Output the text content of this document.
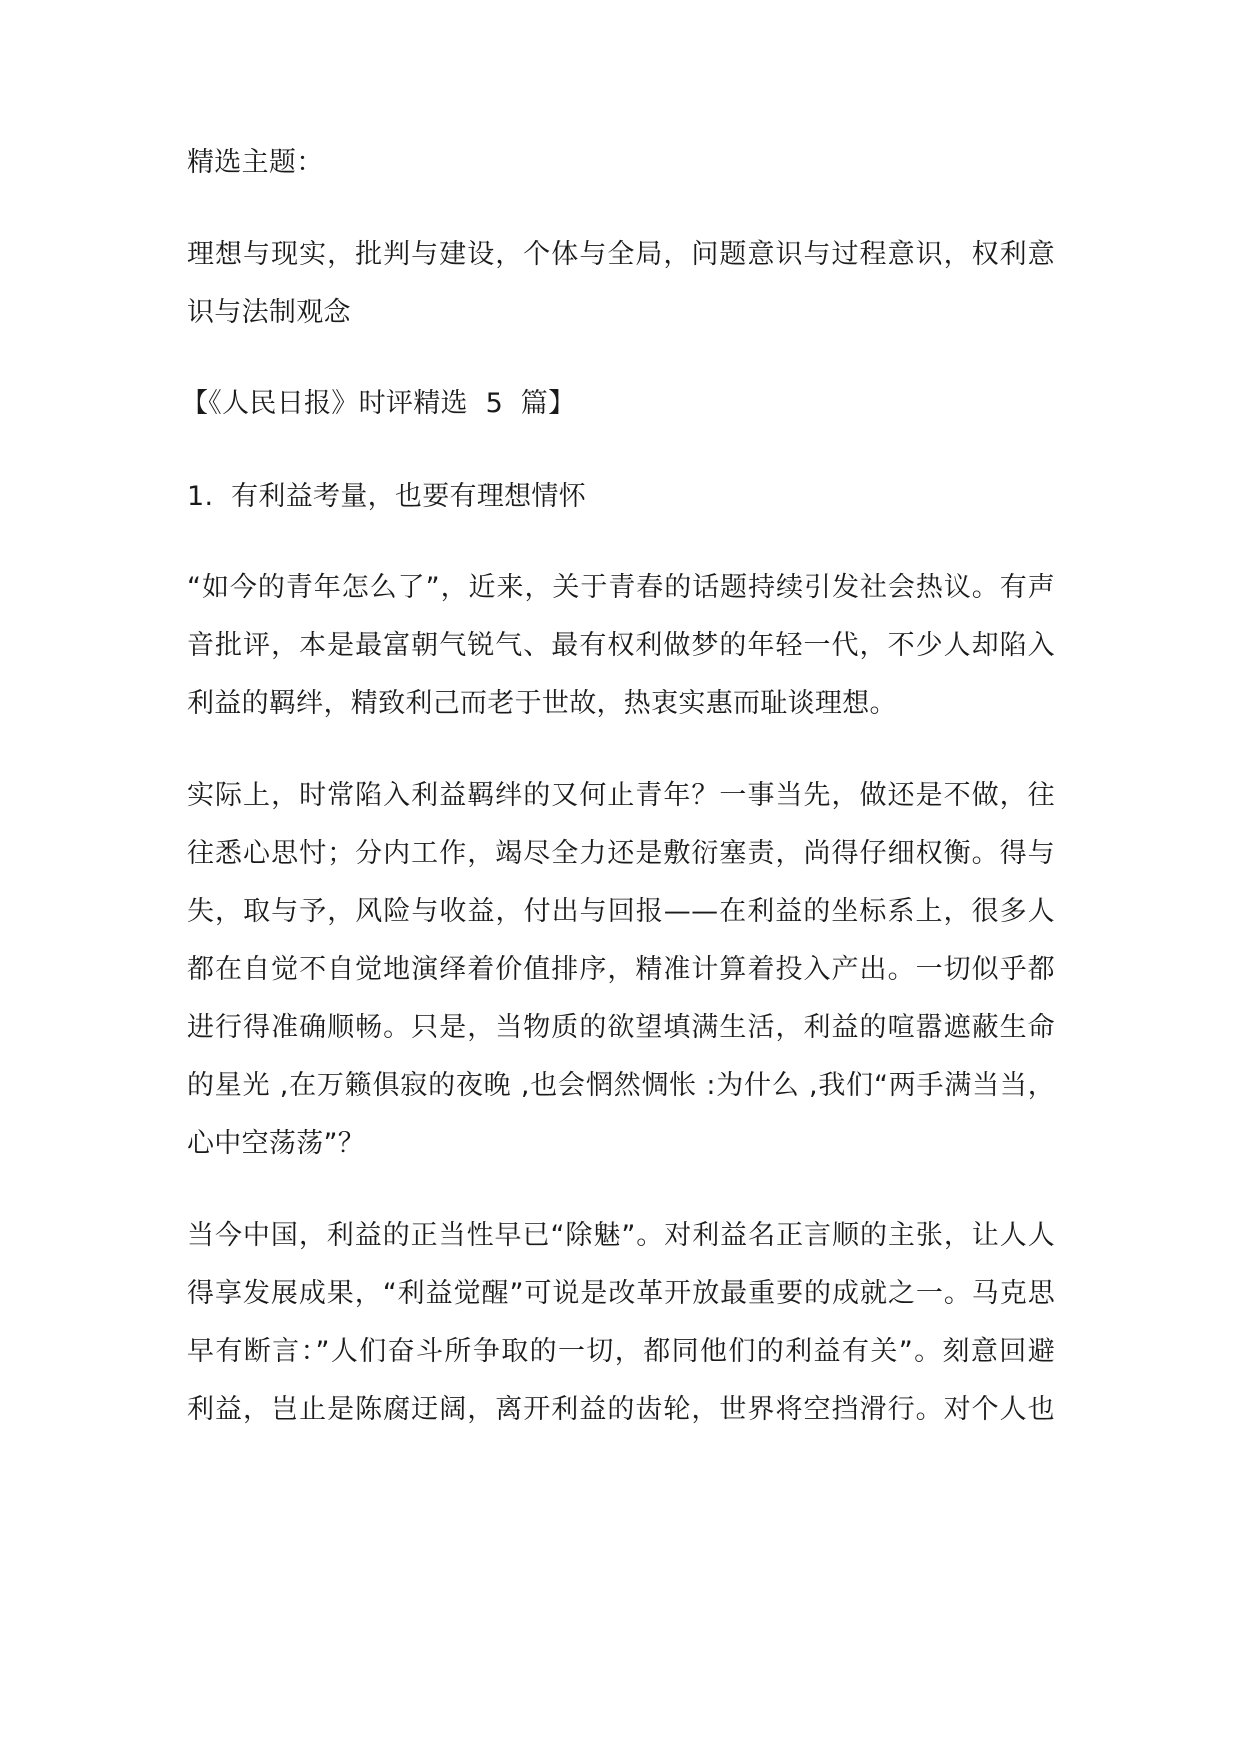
精选主题：
理想与现实，批判与建设，个体与全局，问题意识与过程意识，权利意
识与法制观念
【《人民日报》时评精选  5  篇】
1.  有利益考量，也要有理想情怀
“如今的青年怎么了”，近来，关于青春的话题持续引发社会热议。有声
音批评，本是最富朝气锐气、最有权利做梦的年轻一代，不少人却陷入
利益的羁绊，精致利己而老于世故，热衷实惠而耻谈理想。
实际上，时常陷入利益羁绊的又何止青年？一事当先，做还是不做，往
往悉心思忖；分内工作，竭尽全力还是敷衍塞责，尚得仔细权衡。得与
失，取与予，风险与收益，付出与回报——在利益的坐标系上，很多人
都在自觉不自觉地演绎着价值排序，精准计算着投入产出。一切似乎都
进行得准确顺畅。只是，当物质的欲望填满生活，利益的喧嚣遮蔽生命
的星光 ,在万籁俱寂的夜晚 ,也会惘然惆怅 :为什么 ,我们“两手满当当，
心中空荡荡”？
当今中国，利益的正当性早已“除魅”。对利益名正言顺的主张，让人人
得享发展成果，“利益觉醒”可说是改革开放最重要的成就之一。马克思
早有断言：”人们奋斗所争取的一切，都同他们的利益有关”。刻意回避
利益，岂止是陈腐迂阔，离开利益的齿轮，世界将空挡滑行。对个人也
